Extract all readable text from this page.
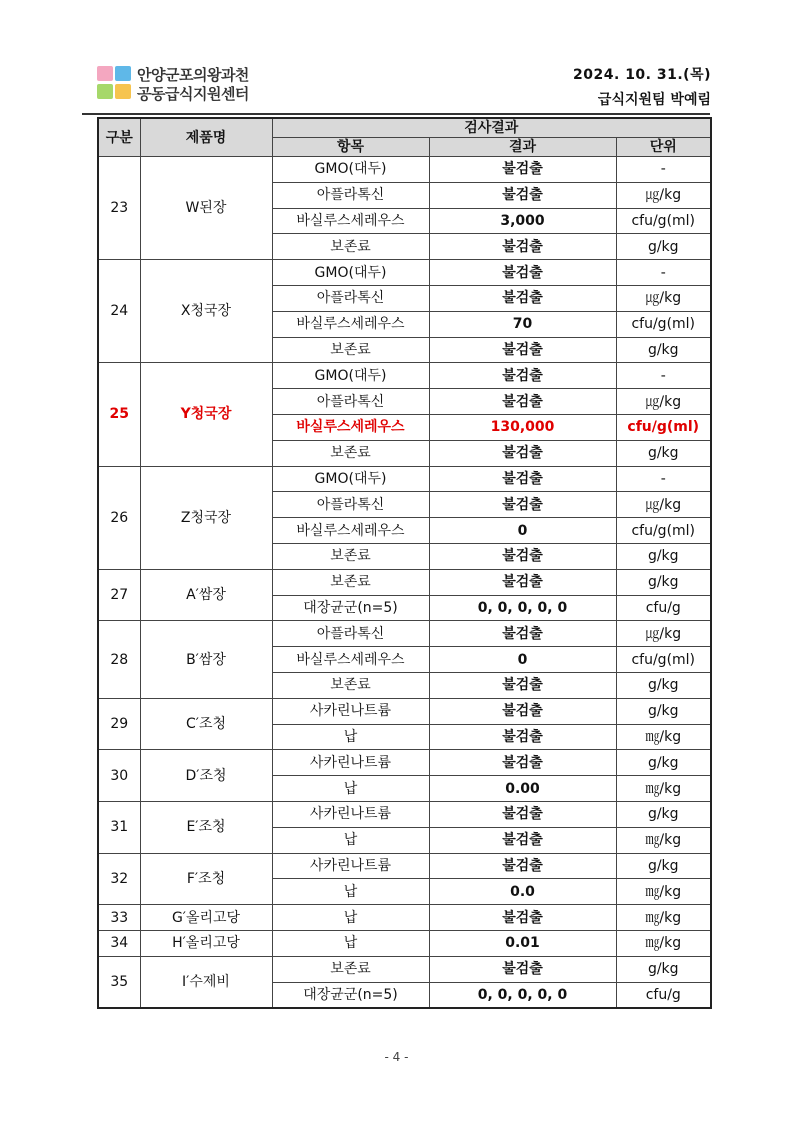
안양군포의왕과천
공동급식지원센터
2024. 10. 31.(목)
급식지원팀 박예림
구분	제품명	검사결과		
		항목	결과	단위
23	W된장	GMO(대두)	불검출	-
		아플라톡신	불검출	㎍/kg
		바실루스세레우스	3,000	cfu/g(ml)
		보존료	불검출	g/kg
24	X청국장	GMO(대두)	불검출	-
		아플라톡신	불검출	㎍/kg
		바실루스세레우스	70	cfu/g(ml)
		보존료	불검출	g/kg
25	Y청국장	GMO(대두)	불검출	-
		아플라톡신	불검출	㎍/kg
		바실루스세레우스	130,000	cfu/g(ml)
		보존료	불검출	g/kg
26	Z청국장	GMO(대두)	불검출	-
		아플라톡신	불검출	㎍/kg
		바실루스세레우스	0	cfu/g(ml)
		보존료	불검출	g/kg
27	A′쌈장	보존료	불검출	g/kg
		대장균군(n=5)	0, 0, 0, 0, 0	cfu/g
28	B′쌈장	아플라톡신	불검출	㎍/kg
		바실루스세레우스	0	cfu/g(ml)
		보존료	불검출	g/kg
29	C′조청	사카린나트륨	불검출	g/kg
		납	불검출	㎎/kg
30	D′조청	사카린나트륨	불검출	g/kg
		납	0.00	㎎/kg
31	E′조청	사카린나트륨	불검출	g/kg
		납	불검출	㎎/kg
32	F′조청	사카린나트륨	불검출	g/kg
		납	0.0	㎎/kg
33	G′올리고당	납	불검출	㎎/kg
34	H′올리고당	납	0.01	㎎/kg
35	I′수제비	보존료	불검출	g/kg
		대장균군(n=5)	0, 0, 0, 0, 0	cfu/g
- 4 -
